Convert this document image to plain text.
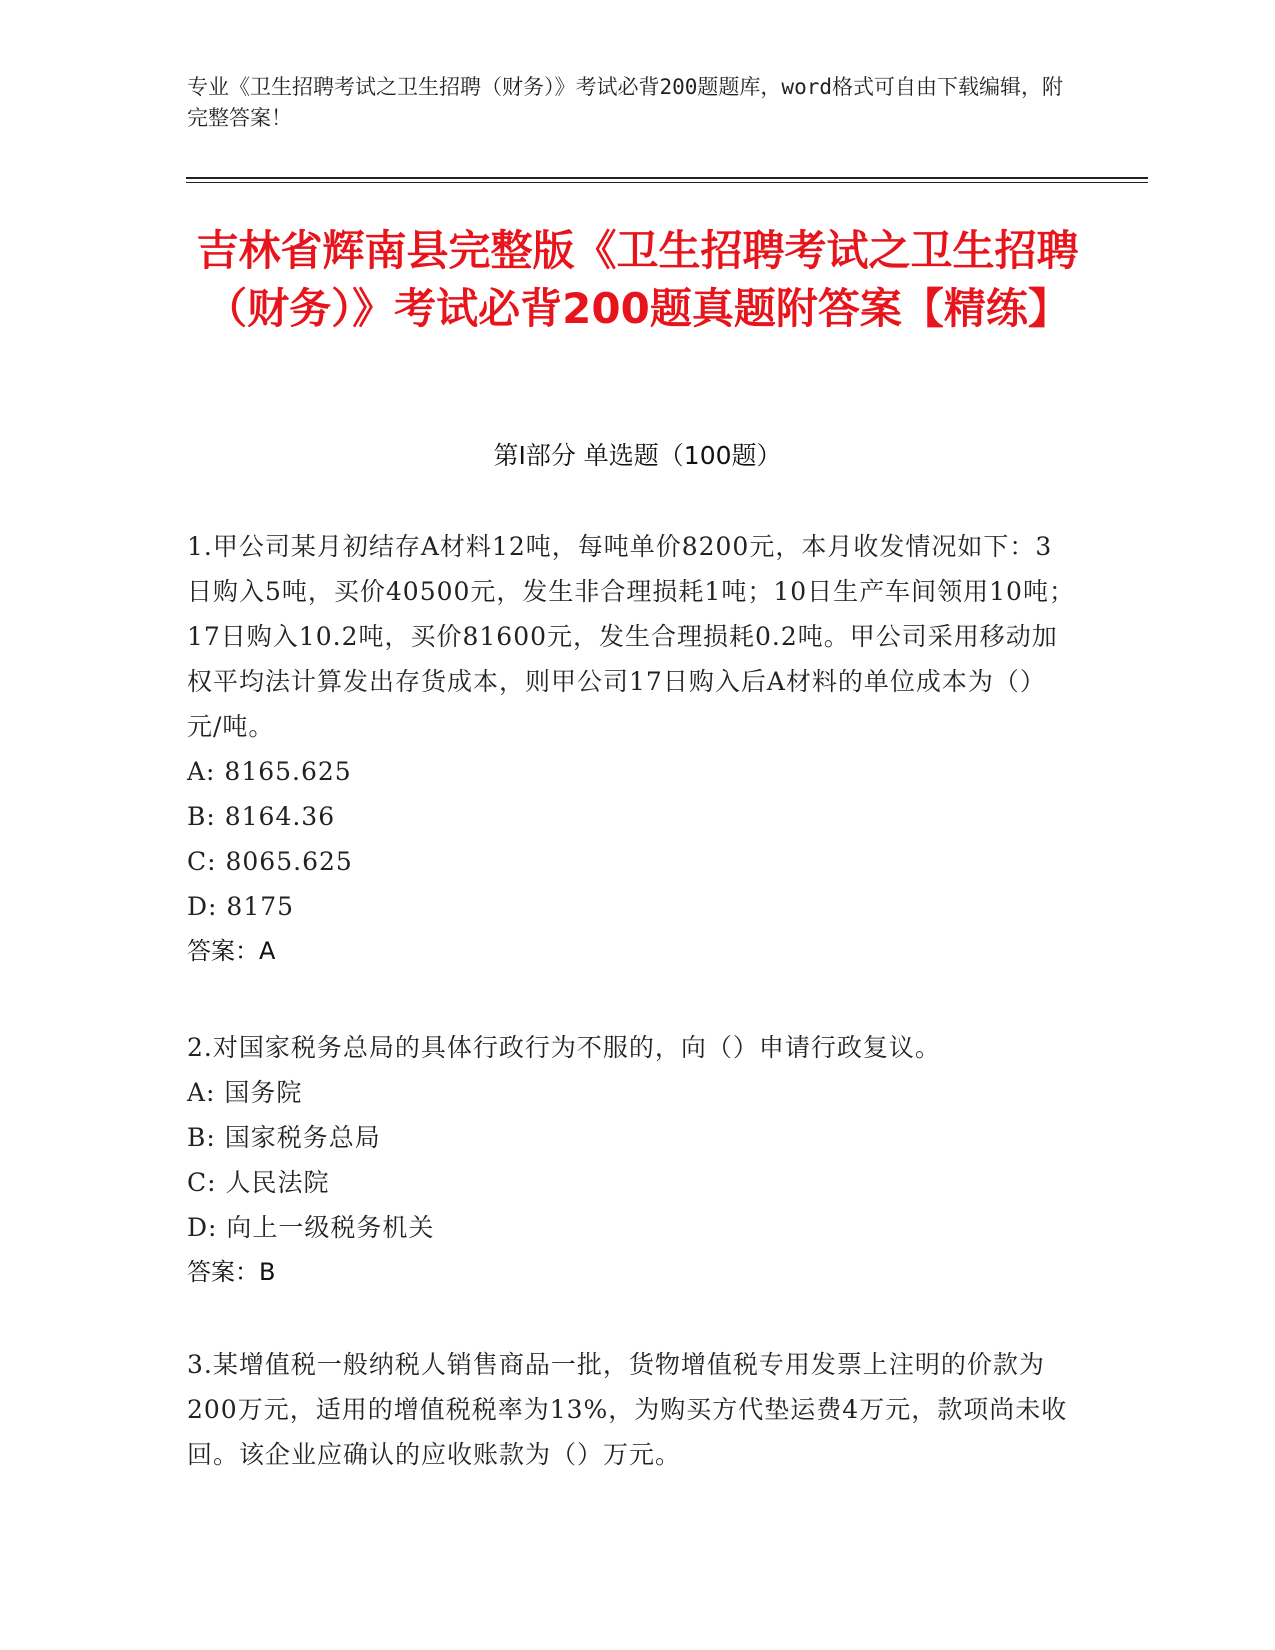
专业《卫生招聘考试之卫生招聘（财务）》考试必背200题题库，word格式可自由下载编辑，附完整答案！
吉林省辉南县完整版《卫生招聘考试之卫生招聘（财务）》考试必背200题真题附答案【精练】
第I部分 单选题（100题）
1.甲公司某月初结存A材料12吨，每吨单价8200元，本月收发情况如下：3日购入5吨，买价40500元，发生非合理损耗1吨；10日生产车间领用10吨；17日购入10.2吨，买价81600元，发生合理损耗0.2吨。甲公司采用移动加权平均法计算发出存货成本，则甲公司17日购入后A材料的单位成本为（）元/吨。
A: 8165.625
B: 8164.36
C: 8065.625
D: 8175
答案：A
2.对国家税务总局的具体行政行为不服的，向（）申请行政复议。
A: 国务院
B: 国家税务总局
C: 人民法院
D: 向上一级税务机关
答案：B
3.某增值税一般纳税人销售商品一批，货物增值税专用发票上注明的价款为200万元，适用的增值税税率为13%，为购买方代垫运费4万元，款项尚未收回。该企业应确认的应收账款为（）万元。
